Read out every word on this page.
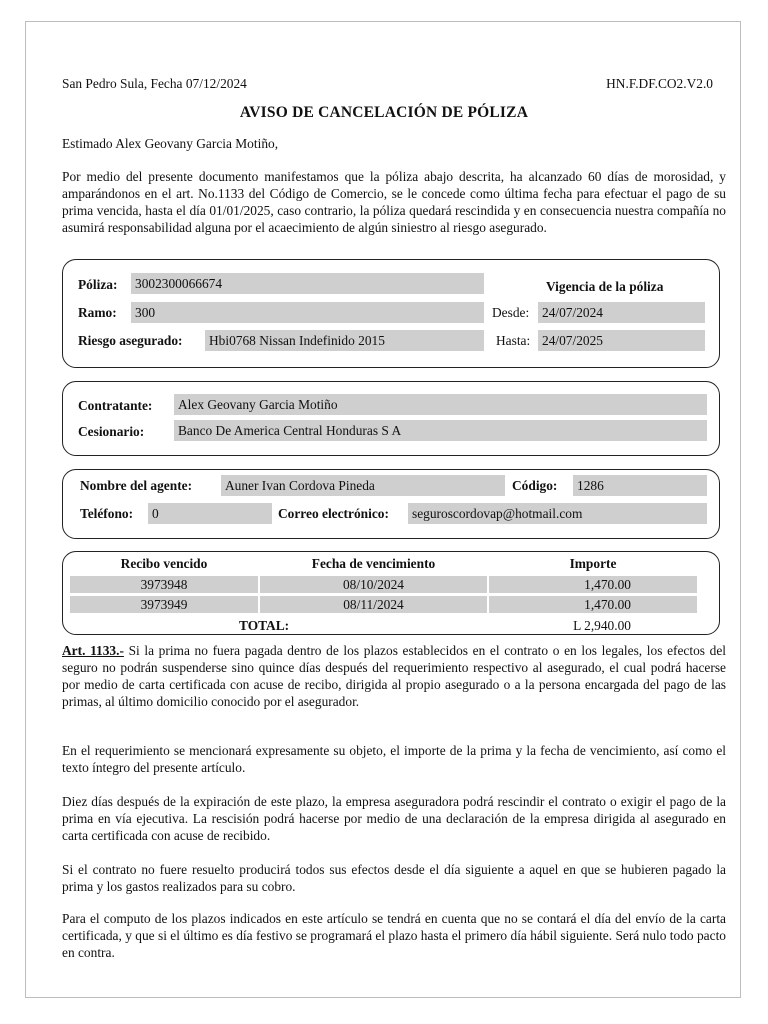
San Pedro Sula, Fecha 07/12/2024	HN.F.DF.CO2.V2.0
AVISO DE CANCELACIÓN DE PÓLIZA
Estimado Alex Geovany Garcia Motiño,
Por medio del presente documento manifestamos que la póliza abajo descrita, ha alcanzado 60 días de morosidad, y amparándonos en el art. No.1133 del Código de Comercio, se le concede como última fecha para efectuar el pago de su prima vencida, hasta el día 01/01/2025, caso contrario, la póliza quedará rescindida y en consecuencia nuestra compañía no asumirá responsabilidad alguna por el acaecimiento de algún siniestro al riesgo asegurado.
Póliza: 3002300066674	Vigencia de la póliza
Ramo: 300	Desde: 24/07/2024
Riesgo asegurado: Hbi0768 Nissan Indefinido 2015	Hasta: 24/07/2025
Contratante: Alex Geovany Garcia Motiño
Cesionario:	Banco De America Central Honduras S A
Nombre del agente: Auner Ivan Cordova Pineda	Código: 1286
Teléfono: 0	Correo electrónico: seguroscordovap@hotmail.com
Recibo vencido	Fecha de vencimiento	Importe
3973948	08/10/2024	1,470.00
3973949	08/11/2024	1,470.00
TOTAL:	L 2,940.00
Art. 1133.- Si la prima no fuera pagada dentro de los plazos establecidos en el contrato o en los legales, los efectos del seguro no podrán suspenderse sino quince días después del requerimiento respectivo al asegurado, el cual podrá hacerse por medio de carta certificada con acuse de recibo, dirigida al propio asegurado o a la persona encargada del pago de las primas, al último domicilio conocido por el asegurador.
En el requerimiento se mencionará expresamente su objeto, el importe de la prima y la fecha de vencimiento, así como el texto íntegro del presente artículo.
Diez días después de la expiración de este plazo, la empresa aseguradora podrá rescindir el contrato o exigir el pago de la prima en vía ejecutiva. La rescisión podrá hacerse por medio de una declaración de la empresa dirigida al asegurado en carta certificada con acuse de recibido.
Si el contrato no fuere resuelto producirá todos sus efectos desde el día siguiente a aquel en que se hubieren pagado la prima y los gastos realizados para su cobro.
Para el computo de los plazos indicados en este artículo se tendrá en cuenta que no se contará el día del envío de la carta certificada, y que si el último es día festivo se programará el plazo hasta el primero día hábil siguiente. Será nulo todo pacto en contra.
